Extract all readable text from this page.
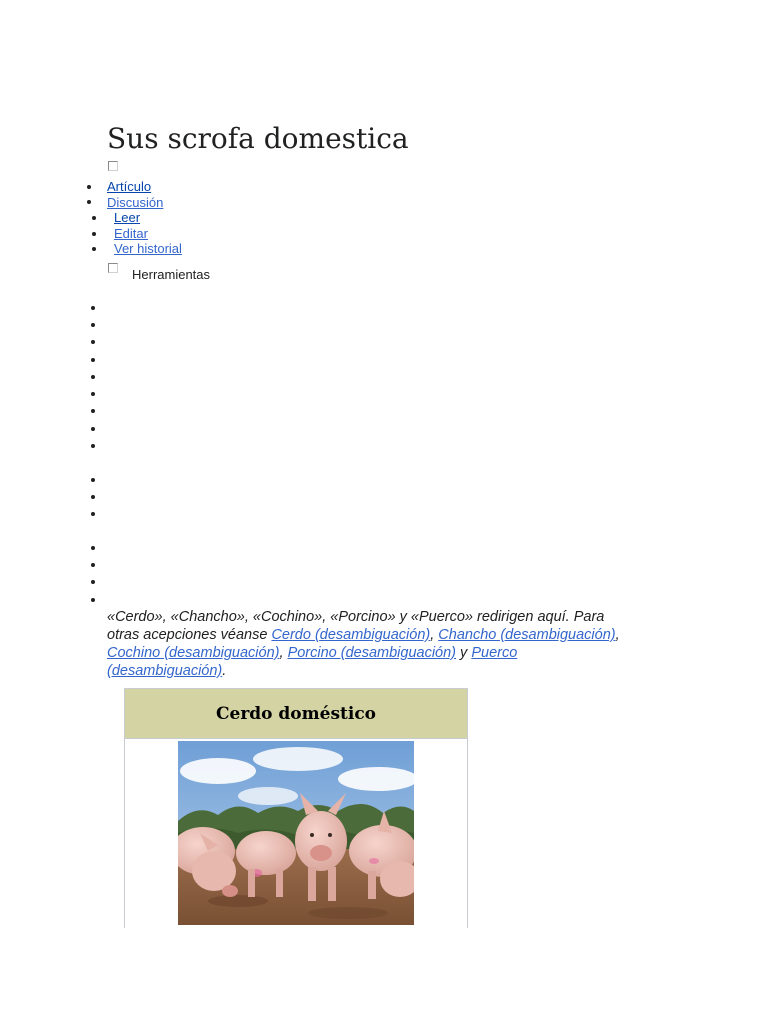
Sus scrofa domestica
Artículo
Discusión
Leer
Editar
Ver historial
Herramientas
«Cerdo», «Chancho», «Cochino», «Porcino» y «Puerco» redirigen aquí. Para otras acepciones véanse Cerdo (desambiguación), Chancho (desambiguación), Cochino (desambiguación), Porcino (desambiguación) y Puerco (desambiguación).
Cerdo doméstico
